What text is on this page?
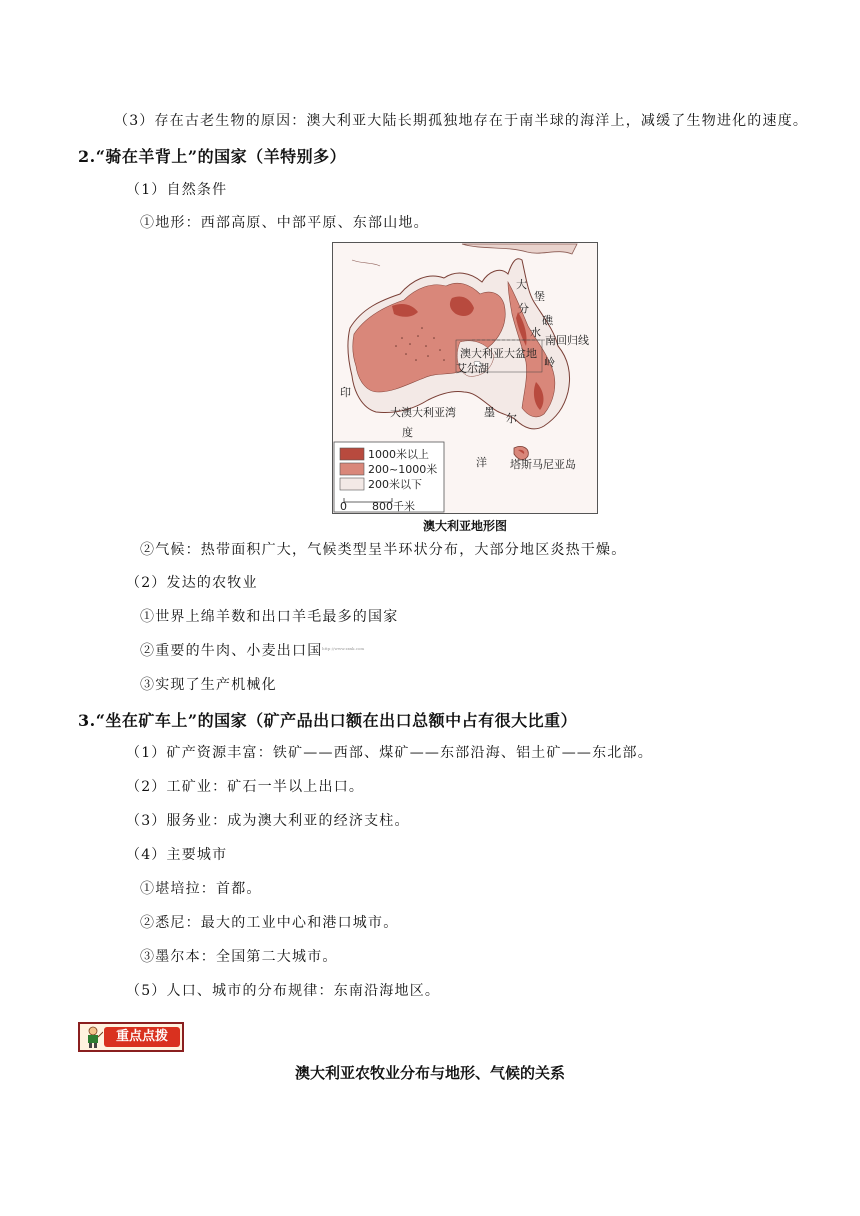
（3）存在古老生物的原因：澳大利亚大陆长期孤独地存在于南半球的海洋上，减缓了生物进化的速度。
2.“骑在羊背上”的国家（羊特别多）
（1）自然条件
①地形：西部高原、中部平原、东部山地。
澳大利亚大盆地
艾尔湖
南回归线
大澳大利亚湾
塔斯马尼亚岛
印
度
洋
大
分
水
岭
堡
礁
墨 尔
1000米以上
200~1000米
200米以下
0 800千米
澳大利亚地形图
②气候：热带面积广大，气候类型呈半环状分布，大部分地区炎热干燥。
（2）发达的农牧业
①世界上绵羊数和出口羊毛最多的国家
②重要的牛肉、小麦出口国 http://www.zxxk.com
③实现了生产机械化
3.“坐在矿车上”的国家（矿产品出口额在出口总额中占有很大比重）
（1）矿产资源丰富：铁矿——西部、煤矿——东部沿海、铝土矿——东北部。
（2）工矿业：矿石一半以上出口。
（3）服务业：成为澳大利亚的经济支柱。
（4）主要城市
①堪培拉：首都。
②悉尼：最大的工业中心和港口城市。
③墨尔本：全国第二大城市。
（5）人口、城市的分布规律：东南沿海地区。
重点点拨
澳大利亚农牧业分布与地形、气候的关系
